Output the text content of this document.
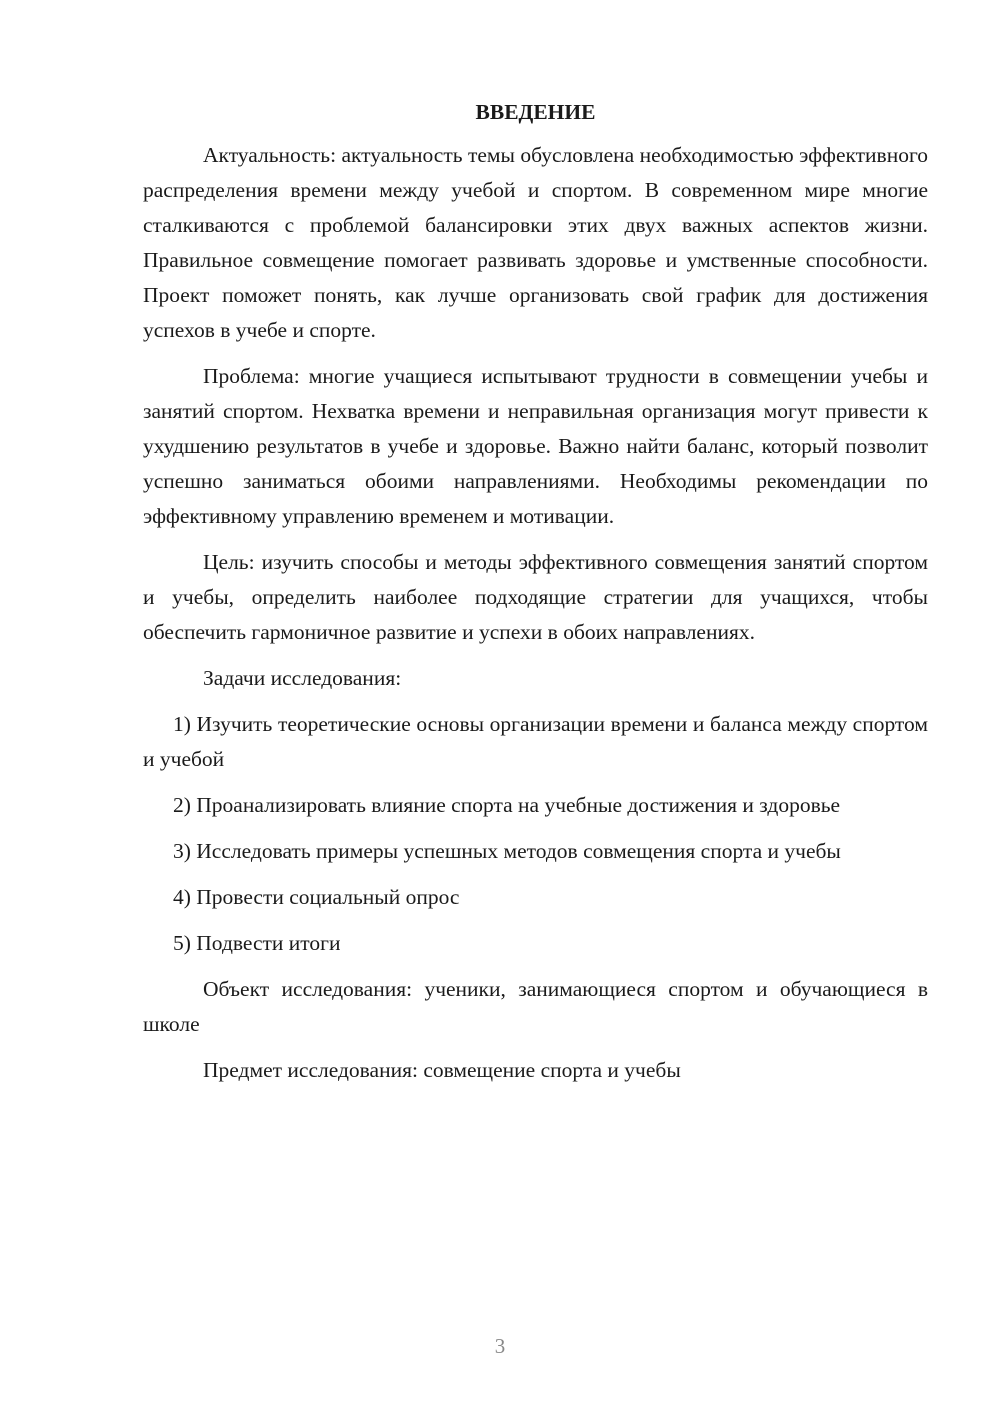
ВВЕДЕНИЕ

Актуальность: актуальность темы обусловлена необходимостью эффективного распределения времени между учебой и спортом. В современном мире многие сталкиваются с проблемой балансировки этих двух важных аспектов жизни. Правильное совмещение помогает развивать здоровье и умственные способности. Проект поможет понять, как лучше организовать свой график для достижения успехов в учебе и спорте.

Проблема: многие учащиеся испытывают трудности в совмещении учебы и занятий спортом. Нехватка времени и неправильная организация могут привести к ухудшению результатов в учебе и здоровье. Важно найти баланс, который позволит успешно заниматься обоими направлениями. Необходимы рекомендации по эффективному управлению временем и мотивации.

Цель: изучить способы и методы эффективного совмещения занятий спортом и учебы, определить наиболее подходящие стратегии для учащихся, чтобы обеспечить гармоничное развитие и успехи в обоих направлениях.

Задачи исследования:

1) Изучить теоретические основы организации времени и баланса между спортом и учебой

2) Проанализировать влияние спорта на учебные достижения и здоровье

3) Исследовать примеры успешных методов совмещения спорта и учебы

4) Провести социальный опрос

5) Подвести итоги

Объект исследования: ученики, занимающиеся спортом и обучающиеся в школе

Предмет исследования: совмещение спорта и учебы

3
